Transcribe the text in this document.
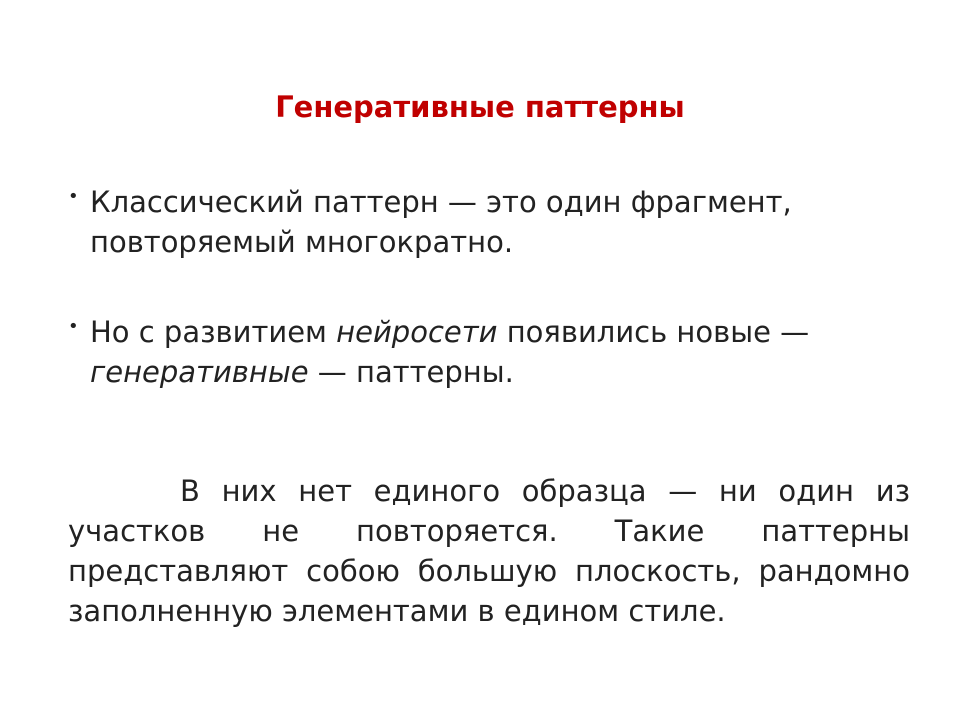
Генеративные паттерны
• Классический паттерн — это один фрагмент, повторяемый многократно.
• Но с развитием нейросети появились новые — генеративные — паттерны.

В них нет единого образца — ни один из участков не повторяется. Такие паттерны представляют собою большую плоскость, рандомно заполненную элементами в едином стиле.
